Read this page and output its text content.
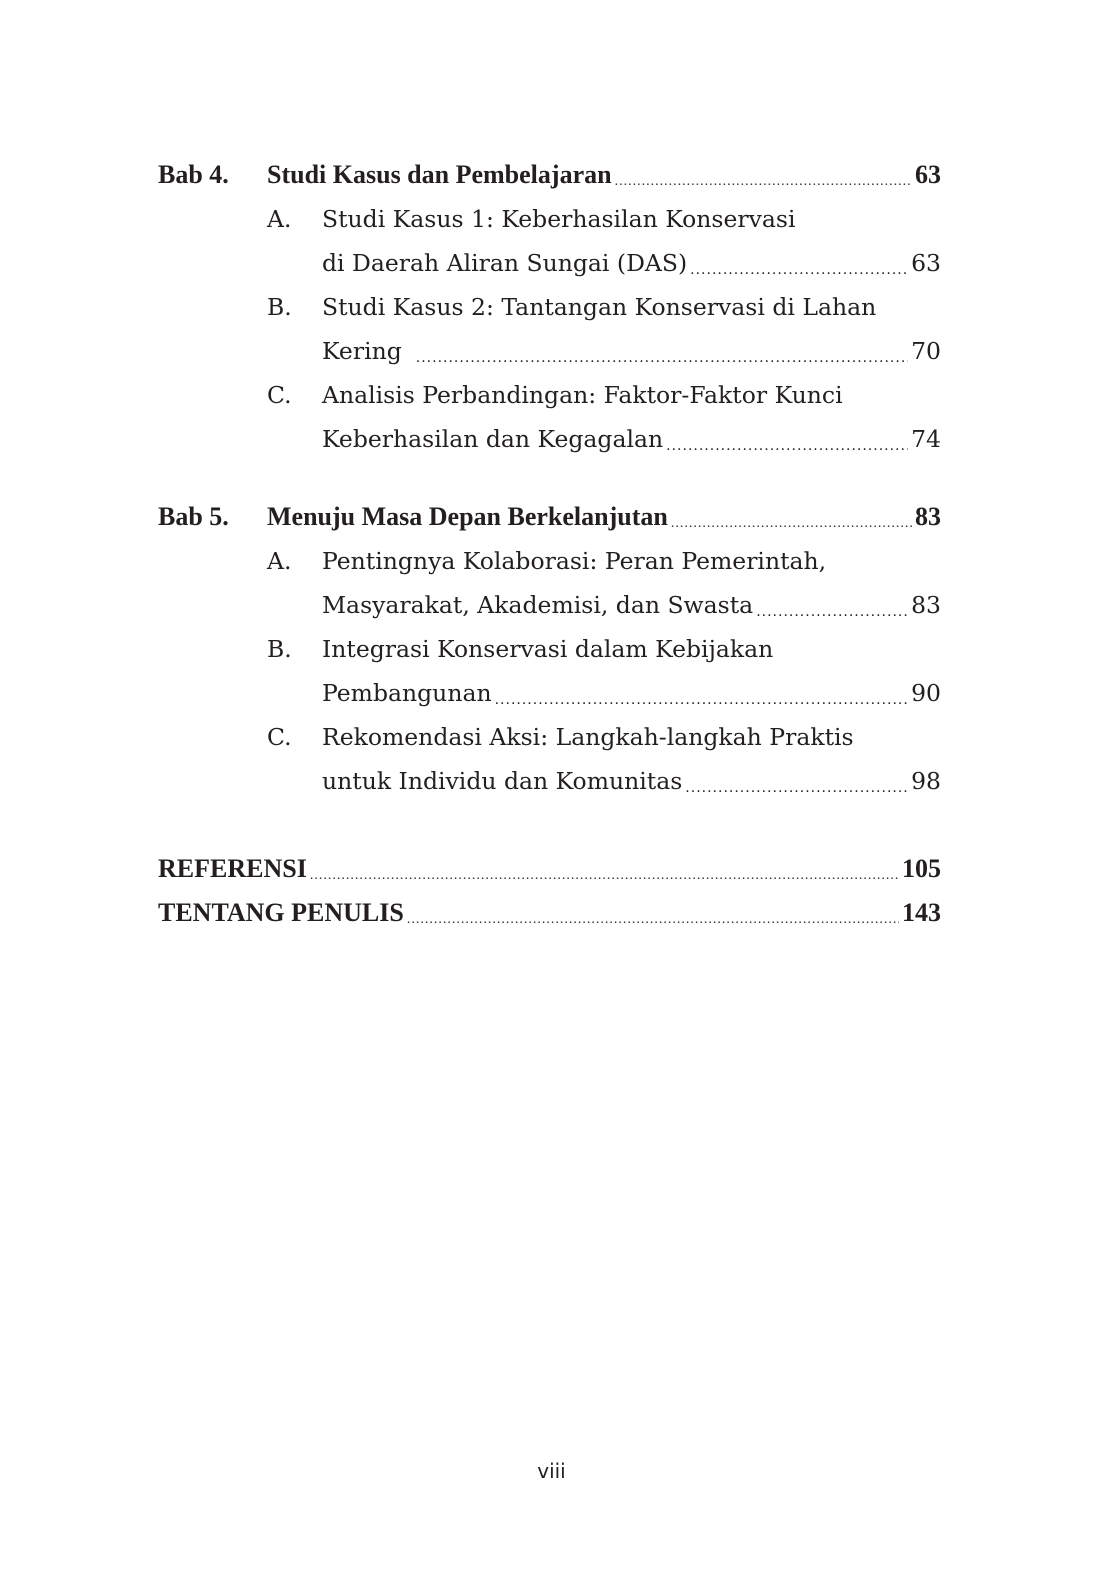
Bab 4.	Studi Kasus dan Pembelajaran .....	63
A.	Studi Kasus 1: Keberhasilan Konservasi
di Daerah Aliran Sungai (DAS) .....	63
B.	Studi Kasus 2: Tantangan Konservasi di Lahan
Kering .....	70
C.	Analisis Perbandingan: Faktor-Faktor Kunci
Keberhasilan dan Kegagalan .....	74
Bab 5.	Menuju Masa Depan Berkelanjutan .....	83
A.	Pentingnya Kolaborasi: Peran Pemerintah,
Masyarakat, Akademisi, dan Swasta .....	83
B.	Integrasi Konservasi dalam Kebijakan
Pembangunan .....	90
C.	Rekomendasi Aksi: Langkah-langkah Praktis
untuk Individu dan Komunitas .....	98
REFERENSI .....	105
TENTANG PENULIS .....	143
viii
